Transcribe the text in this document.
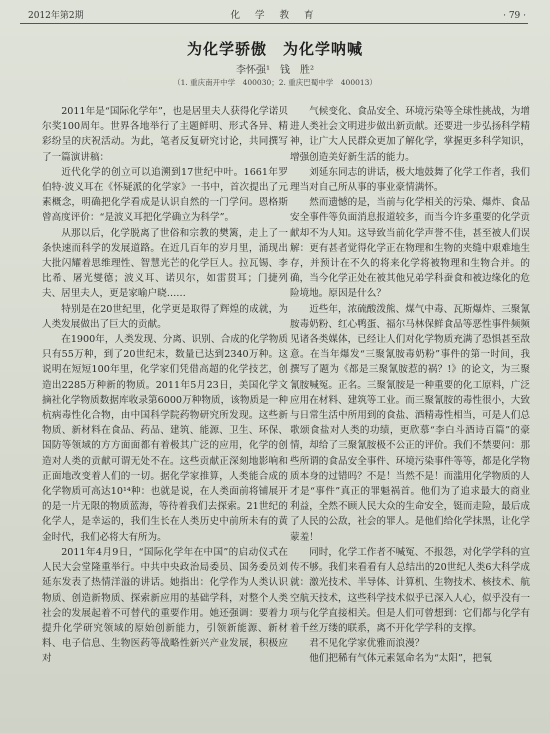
2012年第2期	化 学 教 育	· 79 ·
为化学骄傲　为化学呐喊
李怀强¹　钱　胜²
（1. 重庆南开中学　400030；2. 重庆巴蜀中学　400013）

2011年是“国际化学年”，也是居里夫人获得化学诺贝尔奖100周年。世界各地举行了主题鲜明、形式各异、精彩纷呈的庆祝活动。为此，笔者反复研究讨论，共同撰写了一篇演讲稿：

近代化学的创立可以追溯到17世纪中叶。1661年罗伯特·波义耳在《怀疑派的化学家》一书中，首次提出了元素概念，明确把化学看成是认识自然的一门学问。恩格斯曾高度评价：“是波义耳把化学确立为科学”。

从那以后，化学脱离了世俗和宗教的樊篱，走上了一条快速而科学的发展道路。在近几百年的岁月里，涌现出大批闪耀着思维理性、智慧光芒的化学巨人。拉瓦锡、李比希、屠光燮德；波义耳、诺贝尔，如雷贯耳；门捷列夫、居里夫人，更是家喻户晓……

特别是在20世纪里，化学更是取得了辉煌的成就，为人类发展做出了巨大的贡献。

在1900年，人类发现、分离、识别、合成的化学物质只有55万种，到了20世纪末，数量已达到2340万种。这说明在短短100年里，化学家们凭借高超的化学技艺，创造出2285万种新的物质。2011年5月23日，美国化学文摘社化学物质数据库收录第6000万种物质，该物质是一种杭病毒性化合物，由中国科学院药物研究所发现。这些新物质、新材料在食品、药品、建筑、能源、卫生、环保、国防等领域的方方面面都有着极其广泛的应用，化学的创造对人类的贡献可谓无处不在。这些贡献正深刻地影响和正面地改变着人们的一切。据化学家推算，人类能合成的化学物质可高达10¹⁴种：也就是说，在人类面前将铺展开的是一片无限的物质蓝海，等待着我们去探索。21世纪的化学人，是幸运的，我们生长在人类历史中前所未有的黄金时代，我们必将大有所为。

2011年4月9日，“国际化学年在中国”的启动仪式在人民大会堂隆重举行。中共中央政治局委员、国务委员刘延东发表了热情洋溢的讲话。她指出：化学作为人类认识物质、创造新物质、探索新应用的基础学科，对整个人类社会的发展起着不可替代的重要作用。她还强调：要着力提升化学研究领域的原始创新能力，引领新能源、新材料、电子信息、生物医药等战略性新兴产业发展，积极应对

气候变化、食品安全、环境污染等全球性挑战，为增进人类社会文明进步做出新贡献。还要进一步弘扬科学精神，让广大人民群众更加了解化学，掌握更多科学知识，增强创造美好新生活的能力。

刘延东同志的讲话，极大地鼓舞了化学工作者，我们理当对自己所从事的事业豪情满怀。

然而遗憾的是，当前与化学相关的污染、爆炸、食品安全事件等负面消息报道较多，而当今许多重要的化学贡献却不为人知。这导致当前化学声誉不佳，甚至被人们误解：更有甚者觉得化学正在物理和生物的夹缝中艰难地生存，并预计在不久的将来化学将被物理和生物合并。的确，当今化学正处在被其他兄弟学科蚕食和被边缘化的危险境地。原因是什么？

近些年，浓硫酸泼熊、煤气中毒、瓦斯爆炸、三聚氰胺毒奶粉、红心鸭蛋、福尔马林保鲜食品等恶性事件频频见诸各类媒体，已经让人们对化学物质充满了恐惧甚至敌意。在当年爆发“三聚氰胺毒奶粉”事件的第一时间，我撰写了题为《都是三聚氰胺惹的祸？!》的论文，为三聚氰胺喊冤。正名。三聚氰胺是一种重要的化工原料，广泛应用在材料、建筑等工业。而三聚氰胺的毒性很小，大致与日常生活中所用到的食盐、酒精毒性相当，可是人们总歌颂食盐对人类的功绩，更欣慕“李白斗酒诗百篇”的豪情，却给了三聚氰胺极不公正的评价。我们不禁要问：那些所谓的食品安全事件、环境污染事件等等，都是化学物质本身的过错吗？不是！当然不是！而滥用化学物质的人才是“事件”真正的罪魁祸首。他们为了追求最大的商业利益，全然不顾人民大众的生命安全，铤而走险，最后成了人民的公敌，社会的罪人。是他们给化学抹黑，让化学蒙羞！

同时，化学工作者不喊冤、不报怨，对化学学科的宣传不够。我们来看看有人总结出的20世纪人类6大科学成就：激光技术、半导体、计算机、生物技术、核技术、航空航天技术，这些科学技术似乎已深入人心，似乎没有一项与化学直接相关。但是人们可曾想到：它们都与化学有着千丝万缕的联系，离不开化学学科的支撑。

君不见化学家优雅而浪漫？

他们把稀有气体元素氪命名为“太阳”，把氧
